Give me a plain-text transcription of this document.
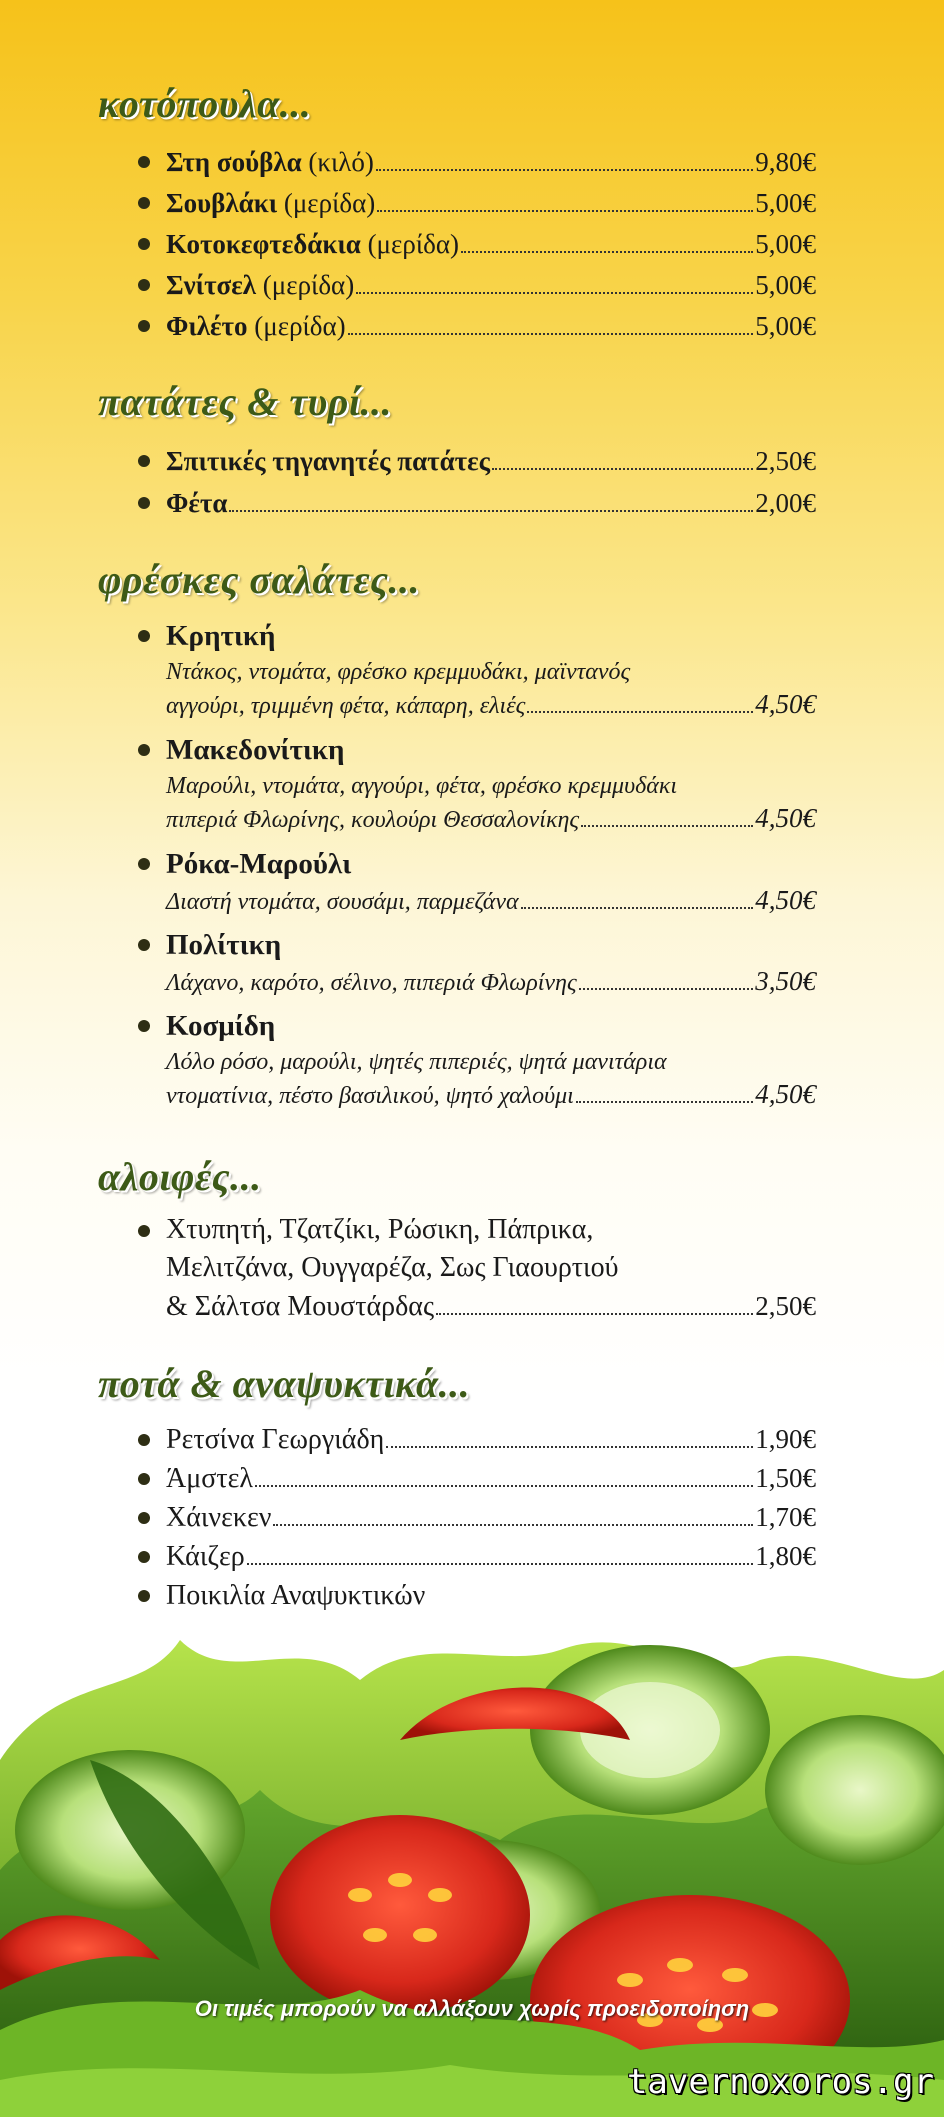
κοτόπουλα...
Στη σούβλα (κιλό)	9,80€
Σουβλάκι (μερίδα)	5,00€
Κοτοκεφτεδάκια (μερίδα)	5,00€
Σνίτσελ (μερίδα)	5,00€
Φιλέτο (μερίδα)	5,00€
πατάτες & τυρί...
Σπιτικές τηγανητές πατάτες	2,50€
Φέτα	2,00€
φρέσκες σαλάτες...
Κρητική
Ντάκος, ντομάτα, φρέσκο κρεμμυδάκι, μαϊντανός
αγγούρι, τριμμένη φέτα, κάπαρη, ελιές	4,50€
Μακεδονίτικη
Μαρούλι, ντομάτα, αγγούρι, φέτα, φρέσκο κρεμμυδάκι
πιπεριά Φλωρίνης, κουλούρι Θεσσαλονίκης	4,50€
Ρόκα-Μαρούλι
Διαστή ντομάτα, σουσάμι, παρμεζάνα	4,50€
Πολίτικη
Λάχανο, καρότο, σέλινο, πιπεριά Φλωρίνης	3,50€
Κοσμίδη
Λόλο ρόσο, μαρούλι, ψητές πιπεριές, ψητά μανιτάρια
ντοματίνια, πέστο βασιλικού, ψητό χαλούμι	4,50€
αλοιφές...
Χτυπητή, Τζατζίκι, Ρώσικη, Πάπρικα,
Μελιτζάνα, Ουγγαρέζα, Σως Γιαουρτιού
& Σάλτσα Μουστάρδας	2,50€
ποτά & αναψυκτικά...
Ρετσίνα Γεωργιάδη	1,90€
Άμστελ	1,50€
Χάινεκεν	1,70€
Κάιζερ	1,80€
Ποικιλία Αναψυκτικών
Οι τιμές μπορούν να αλλάξουν χωρίς προειδοποίηση
tavernoxoros.gr
